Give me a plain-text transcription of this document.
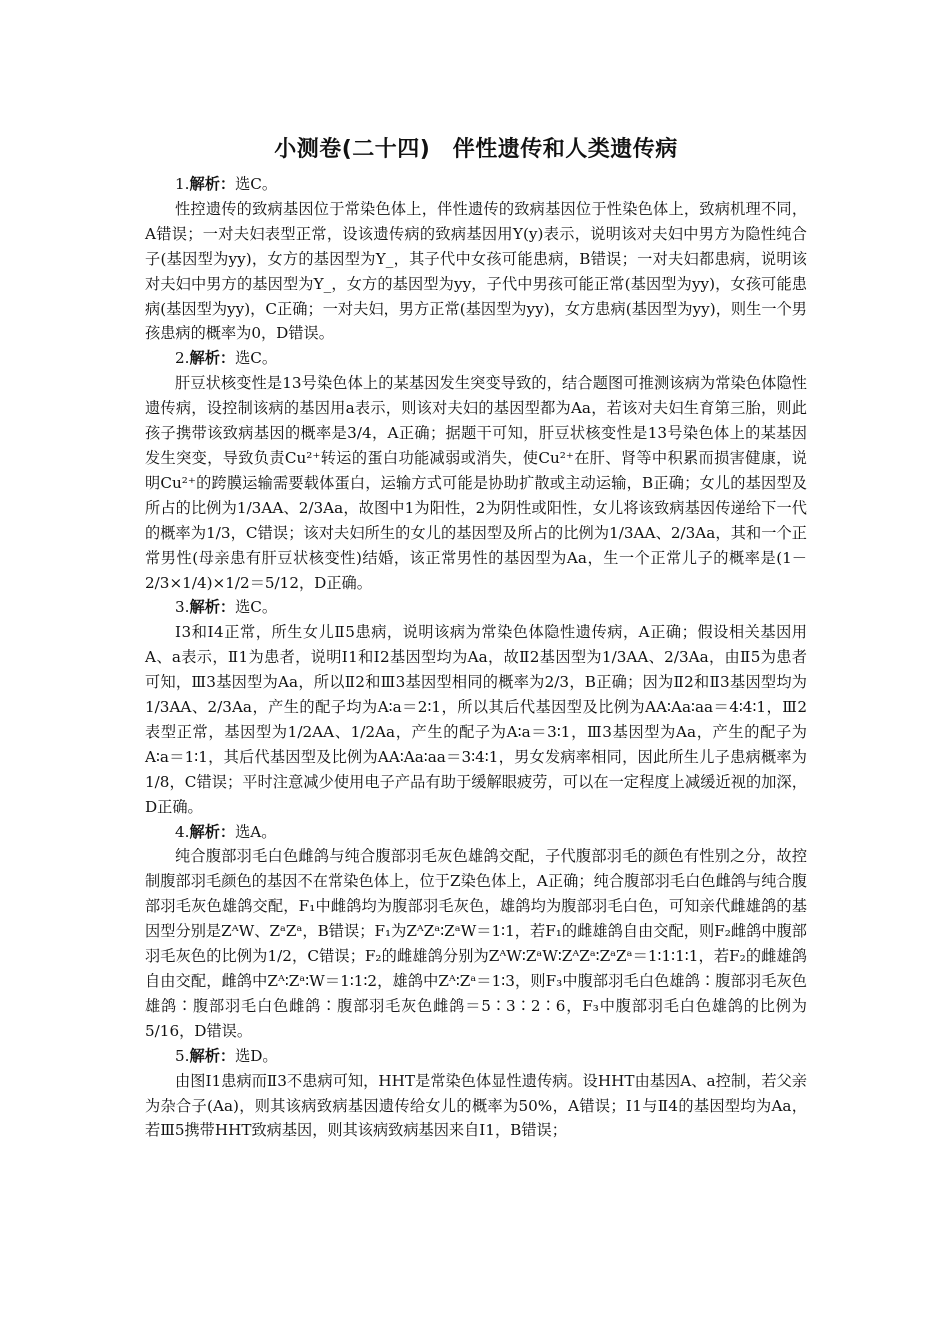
小测卷(二十四)　伴性遗传和人类遗传病

1.解析：选C。

性控遗传的致病基因位于常染色体上，伴性遗传的致病基因位于性染色体上，致病机理不同，A错误；一对夫妇表型正常，设该遗传病的致病基因用Y(y)表示，说明该对夫妇中男方为隐性纯合子(基因型为yy)，女方的基因型为Y_，其子代中女孩可能患病，B错误；一对夫妇都患病，说明该对夫妇中男方的基因型为Y_，女方的基因型为yy，子代中男孩可能正常(基因型为yy)，女孩可能患病(基因型为yy)，C正确；一对夫妇，男方正常(基因型为yy)，女方患病(基因型为yy)，则生一个男孩患病的概率为0，D错误。

2.解析：选C。

肝豆状核变性是13号染色体上的某基因发生突变导致的，结合题图可推测该病为常染色体隐性遗传病，设控制该病的基因用a表示，则该对夫妇的基因型都为Aa，若该对夫妇生育第三胎，则此孩子携带该致病基因的概率是3/4，A正确；据题干可知，肝豆状核变性是13号染色体上的某基因发生突变，导致负责Cu²⁺转运的蛋白功能减弱或消失，使Cu²⁺在肝、肾等中积累而损害健康，说明Cu²⁺的跨膜运输需要载体蛋白，运输方式可能是协助扩散或主动运输，B正确；女儿的基因型及所占的比例为1/3AA、2/3Aa，故图中1为阳性，2为阴性或阳性，女儿将该致病基因传递给下一代的概率为1/3，C错误；该对夫妇所生的女儿的基因型及所占的比例为1/3AA、2/3Aa，其和一个正常男性(母亲患有肝豆状核变性)结婚，该正常男性的基因型为Aa，生一个正常儿子的概率是(1－2/3×1/4)×1/2＝5/12，D正确。

3.解析：选C。

Ⅰ3和Ⅰ4正常，所生女儿Ⅱ5患病，说明该病为常染色体隐性遗传病，A正确；假设相关基因用A、a表示，Ⅱ1为患者，说明Ⅰ1和Ⅰ2基因型均为Aa，故Ⅱ2基因型为1/3AA、2/3Aa，由Ⅱ5为患者可知，Ⅲ3基因型为Aa，所以Ⅱ2和Ⅲ3基因型相同的概率为2/3，B正确；因为Ⅱ2和Ⅱ3基因型均为1/3AA、2/3Aa，产生的配子均为A∶a＝2∶1，所以其后代基因型及比例为AA∶Aa∶aa＝4∶4∶1，Ⅲ2表型正常，基因型为1/2AA、1/2Aa，产生的配子为A∶a＝3∶1，Ⅲ3基因型为Aa，产生的配子为A∶a＝1∶1，其后代基因型及比例为AA∶Aa∶aa＝3∶4∶1，男女发病率相同，因此所生儿子患病概率为1/8，C错误；平时注意减少使用电子产品有助于缓解眼疲劳，可以在一定程度上减缓近视的加深，D正确。

4.解析：选A。

纯合腹部羽毛白色雌鸽与纯合腹部羽毛灰色雄鸽交配，子代腹部羽毛的颜色有性别之分，故控制腹部羽毛颜色的基因不在常染色体上，位于Z染色体上，A正确；纯合腹部羽毛白色雌鸽与纯合腹部羽毛灰色雄鸽交配，F₁中雌鸽均为腹部羽毛灰色，雄鸽均为腹部羽毛白色，可知亲代雌雄鸽的基因型分别是ZᴬW、ZᵃZᵃ，B错误；F₁为ZᴬZᵃ∶ZᵃW＝1∶1，若F₁的雌雄鸽自由交配，则F₂雌鸽中腹部羽毛灰色的比例为1/2，C错误；F₂的雌雄鸽分别为ZᴬW∶ZᵃW∶ZᴬZᵃ∶ZᵃZᵃ＝1∶1∶1∶1，若F₂的雌雄鸽自由交配，雌鸽中Zᴬ∶Zᵃ∶W＝1∶1∶2，雄鸽中Zᴬ∶Zᵃ＝1∶3，则F₃中腹部羽毛白色雄鸽∶腹部羽毛灰色雄鸽∶腹部羽毛白色雌鸽∶腹部羽毛灰色雌鸽＝5∶3∶2∶6，F₃中腹部羽毛白色雄鸽的比例为5/16，D错误。

5.解析：选D。

由图Ⅰ1患病而Ⅱ3不患病可知，HHT是常染色体显性遗传病。设HHT由基因A、a控制，若父亲为杂合子(Aa)，则其该病致病基因遗传给女儿的概率为50%，A错误；Ⅰ1与Ⅱ4的基因型均为Aa，若Ⅲ5携带HHT致病基因，则其该病致病基因来自Ⅰ1，B错误；
